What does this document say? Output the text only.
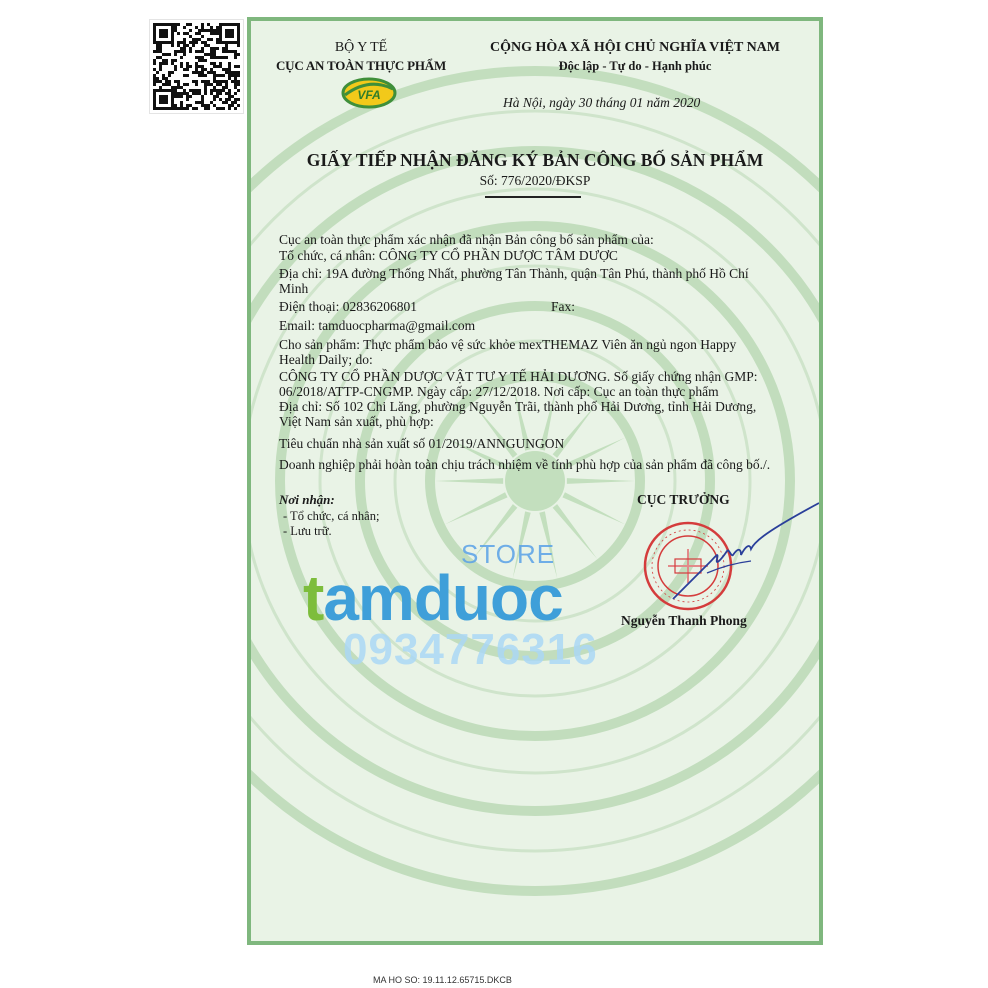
BỘ Y TẾ
CỤC AN TOÀN THỰC PHẨM
VFA
CỘNG HÒA XÃ HỘI CHỦ NGHĨA VIỆT NAM
Độc lập - Tự do - Hạnh phúc
Hà Nội, ngày 30 tháng 01 năm 2020
GIẤY TIẾP NHẬN ĐĂNG KÝ BẢN CÔNG BỐ SẢN PHẨM
Số: 776/2020/ĐKSP
Cục an toàn thực phẩm xác nhận đã nhận Bản công bố sản phẩm của:
Tổ chức, cá nhân: CÔNG TY CỔ PHẦN DƯỢC TÂM DƯỢC
Địa chỉ: 19A đường Thống Nhất, phường Tân Thành, quận Tân Phú, thành phố Hồ Chí
Minh
Điện thoại: 02836206801	Fax:
Email: tamduocpharma@gmail.com
Cho sản phẩm: Thực phẩm bảo vệ sức khỏe mexTHEMAZ Viên ăn ngủ ngon Happy
Health Daily; do:
CÔNG TY CỔ PHẦN DƯỢC VẬT TƯ Y TẾ HẢI DƯƠNG. Số giấy chứng nhận GMP:
06/2018/ATTP-CNGMP. Ngày cấp: 27/12/2018. Nơi cấp: Cục an toàn thực phẩm
Địa chỉ: Số 102 Chi Lăng, phường Nguyễn Trãi, thành phố Hải Dương, tỉnh Hải Dương,
Việt Nam sản xuất, phù hợp:
Tiêu chuẩn nhà sản xuất số 01/2019/ANNGUNGON
Doanh nghiệp phải hoàn toàn chịu trách nhiệm về tính phù hợp của sản phẩm đã công bố./.
Nơi nhận:
- Tổ chức, cá nhân;
- Lưu trữ.
CỤC TRƯỞNG
Nguyễn Thanh Phong
STORE
tamduoc
0934776316
MA HO SO: 19.11.12.65715.DKCB
